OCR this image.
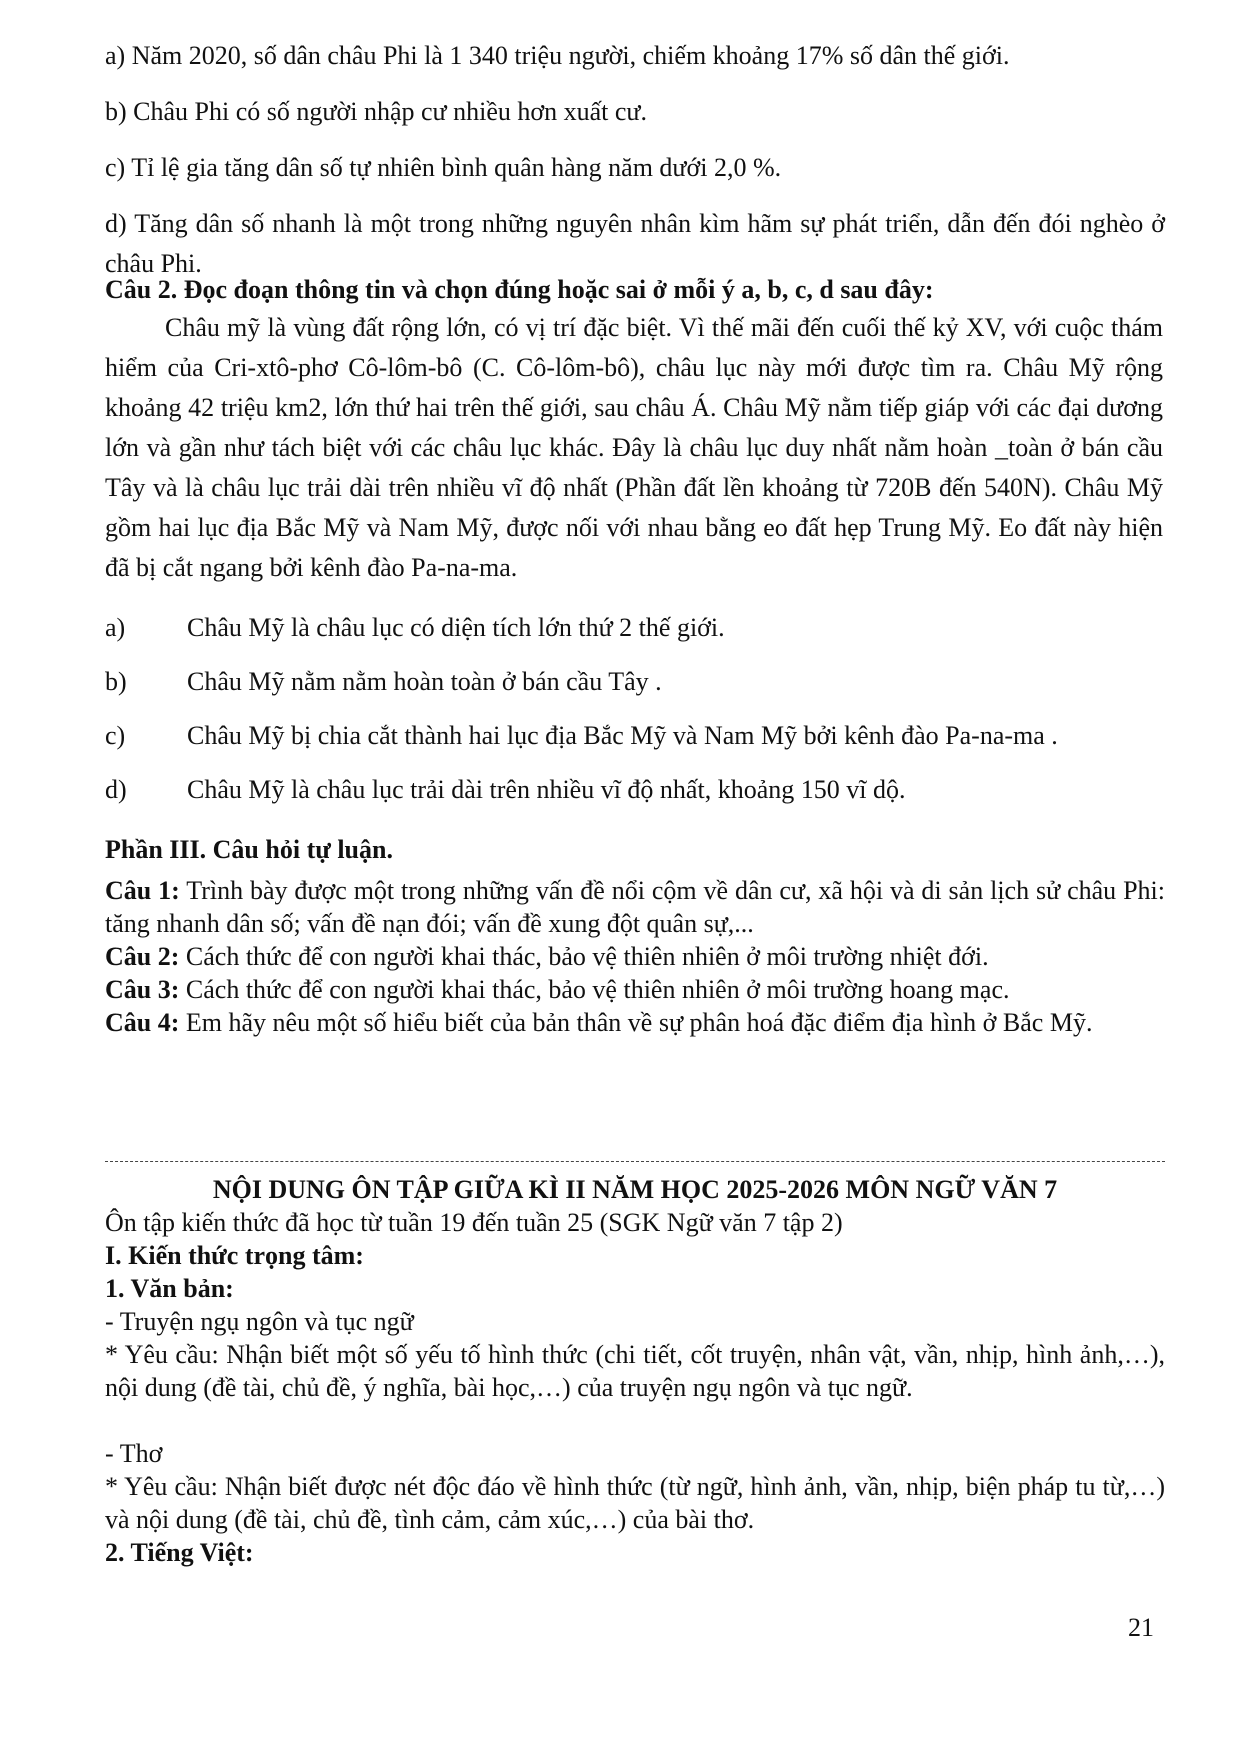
a) Năm 2020, số dân châu Phi là 1 340 triệu người, chiếm khoảng 17% số dân thế giới.

b) Châu Phi có số người nhập cư nhiều hơn xuất cư.

c) Tỉ lệ gia tăng dân số tự nhiên bình quân hàng năm dưới 2,0 %.

d) Tăng dân số nhanh là một trong những nguyên nhân kìm hãm sự phát triển, dẫn đến đói nghèo ở châu Phi.

Câu 2. Đọc đoạn thông tin và chọn đúng hoặc sai ở mỗi ý a, b, c, d sau đây:

Châu mỹ là vùng đất rộng lớn, có vị trí đặc biệt. Vì thế mãi đến cuối thế kỷ XV, với cuộc thám hiểm của Cri-xtô-phơ Cô-lôm-bô (C. Cô-lôm-bô), châu lục này mới được tìm ra. Châu Mỹ rộng khoảng 42 triệu km2, lớn thứ hai trên thế giới, sau châu Á. Châu Mỹ nằm tiếp giáp với các đại dương lớn và gần như tách biệt với các châu lục khác. Đây là châu lục duy nhất nằm hoàn _toàn ở bán cầu Tây và là châu lục trải dài trên nhiều vĩ độ nhất (Phần đất lền khoảng từ 720B đến 540N). Châu Mỹ gồm hai lục địa Bắc Mỹ và Nam Mỹ, được nối với nhau bằng eo đất hẹp Trung Mỹ. Eo đất này hiện đã bị cắt ngang bởi kênh đào Pa-na-ma.

a) Châu Mỹ là châu lục có diện tích lớn thứ 2 thế giới.
b) Châu Mỹ nằm nằm hoàn toàn ở bán cầu Tây .
c) Châu Mỹ bị chia cắt thành hai lục địa Bắc Mỹ và Nam Mỹ bởi kênh đào Pa-na-ma .
d) Châu Mỹ là châu lục trải dài trên nhiều vĩ độ nhất, khoảng 150 vĩ dộ.

Phần III. Câu hỏi tự luận.

Câu 1: Trình bày được một trong những vấn đề nổi cộm về dân cư, xã hội và di sản lịch sử châu Phi: tăng nhanh dân số; vấn đề nạn đói; vấn đề xung đột quân sự,...

Câu 2: Cách thức để con người khai thác, bảo vệ thiên nhiên ở môi trường nhiệt đới.

Câu 3: Cách thức để con người khai thác, bảo vệ thiên nhiên ở môi trường hoang mạc.

Câu 4: Em hãy nêu một số hiểu biết của bản thân về sự phân hoá đặc điểm địa hình ở Bắc Mỹ.

NỘI DUNG ÔN TẬP GIỮA KÌ II NĂM HỌC 2025-2026 MÔN NGỮ VĂN 7

Ôn tập kiến thức đã học từ tuần 19 đến tuần 25 (SGK Ngữ văn 7 tập 2)

I. Kiến thức trọng tâm:

1. Văn bản:

- Truyện ngụ ngôn và tục ngữ

* Yêu cầu: Nhận biết một số yếu tố hình thức (chi tiết, cốt truyện, nhân vật, vần, nhịp, hình ảnh,…), nội dung (đề tài, chủ đề, ý nghĩa, bài học,…) của truyện ngụ ngôn và tục ngữ.

- Thơ

* Yêu cầu: Nhận biết được nét độc đáo về hình thức (từ ngữ, hình ảnh, vần, nhịp, biện pháp tu từ,…) và nội dung (đề tài, chủ đề, tình cảm, cảm xúc,…) của bài thơ.

2. Tiếng Việt:

21
